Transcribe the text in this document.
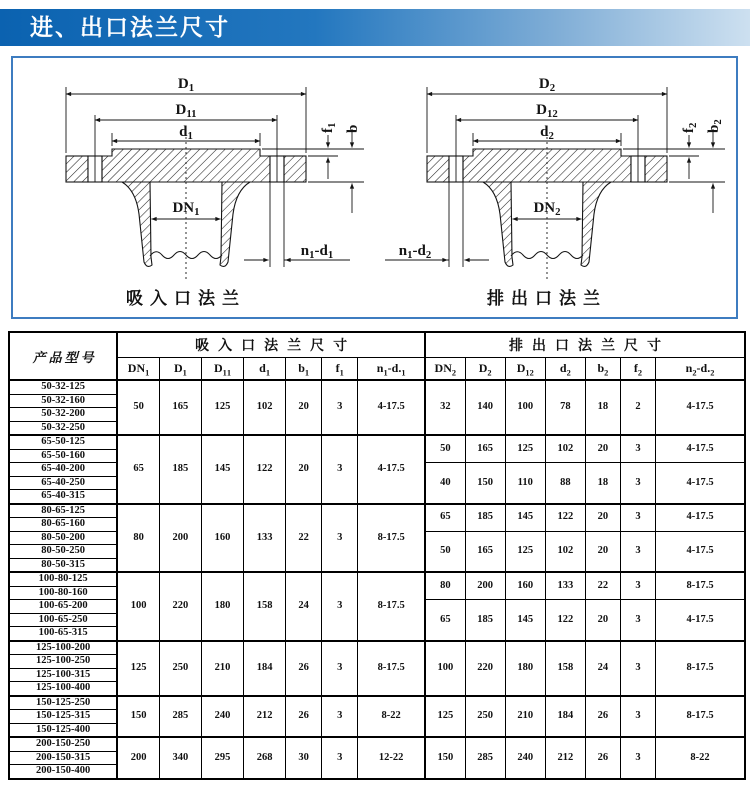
进、出口法兰尺寸
$D_1$
$D_11$
$d_1$
$DN_1$
$n_1-d_1$
$f_1$ b
吸入口法兰
$D_2$
$D_12$
$d_2$
$DN_2$
$n_1-d_2$
$f_2$ $b_2$
排出口法兰
产品型号	吸入口法兰尺寸							排出口法兰尺寸						
	$DN_1$	$D_1$	$D_{11}$	$d_1$	$b_1$	$f_1$	$n_1-d._1$	$DN_2$	$D_2$	$D_{12}$	$d_2$	$b_2$	$f_2$	$n_2-d._2$
50-32-125	50	165	125	102	20	3	4-17.5	32	140	100	78	18	2	4-17.5
50-32-160														
50-32-200														
50-32-250														
65-50-125	65	185	145	122	20	3	4-17.5	50	165	125	102	20	3	4-17.5
65-50-160														
65-40-200								40	150	110	88	18	3	4-17.5
65-40-250														
65-40-315														
80-65-125	80	200	160	133	22	3	8-17.5	65	185	145	122	20	3	4-17.5
80-65-160														
80-50-200								50	165	125	102	20	3	4-17.5
80-50-250														
80-50-315														
100-80-125	100	220	180	158	24	3	8-17.5	80	200	160	133	22	3	8-17.5
100-80-160														
100-65-200								65	185	145	122	20	3	4-17.5
100-65-250														
100-65-315														
125-100-200	125	250	210	184	26	3	8-17.5	100	220	180	158	24	3	8-17.5
125-100-250														
125-100-315														
125-100-400														
150-125-250	150	285	240	212	26	3	8-22	125	250	210	184	26	3	8-17.5
150-125-315														
150-125-400														
200-150-250	200	340	295	268	30	3	12-22	150	285	240	212	26	3	8-22
200-150-315														
200-150-400														
